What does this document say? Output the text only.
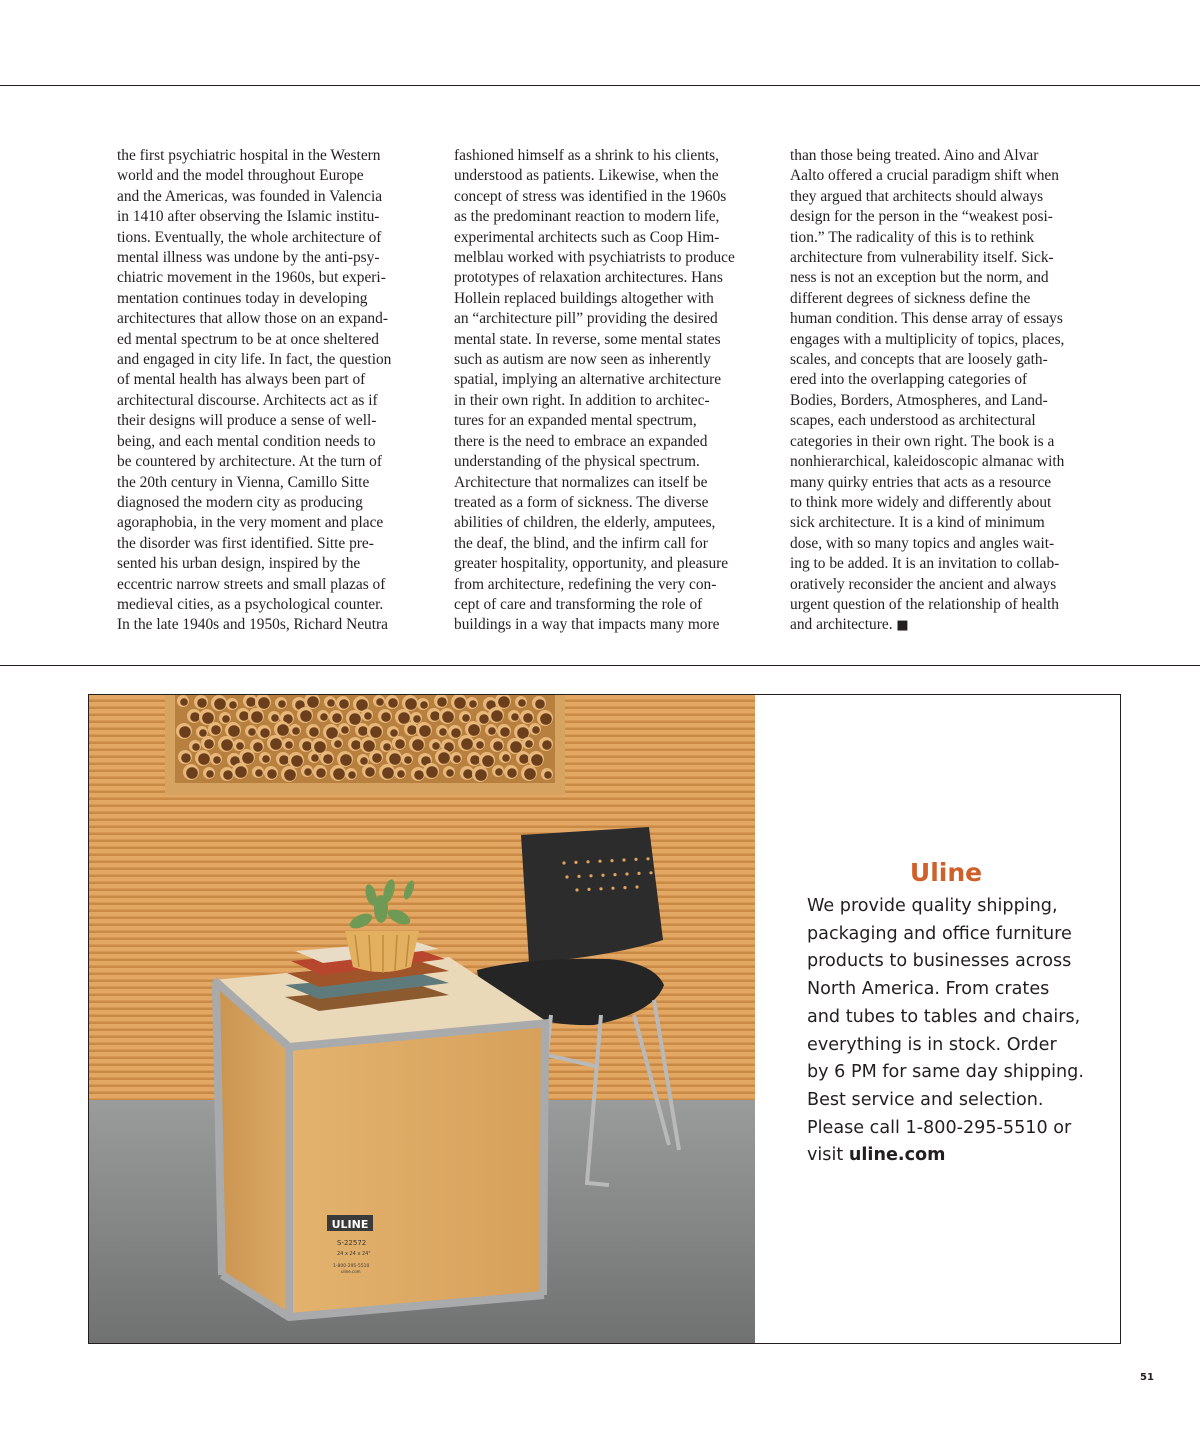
the first psychiatric hospital in the Western
world and the model throughout Europe
and the Americas, was founded in Valencia
in 1410 after observing the Islamic institu-
tions. Eventually, the whole architecture of
mental illness was undone by the anti-psy-
chiatric movement in the 1960s, but experi-
mentation continues today in developing
architectures that allow those on an expand-
ed mental spectrum to be at once sheltered
and engaged in city life. In fact, the question
of mental health has always been part of
architectural discourse. Architects act as if
their designs will produce a sense of well-
being, and each mental condition needs to
be countered by architecture. At the turn of
the 20th century in Vienna, Camillo Sitte
diagnosed the modern city as producing
agoraphobia, in the very moment and place
the disorder was first identified. Sitte pre-
sented his urban design, inspired by the
eccentric narrow streets and small plazas of
medieval cities, as a psychological counter.
In the late 1940s and 1950s, Richard Neutra
fashioned himself as a shrink to his clients,
understood as patients. Likewise, when the
concept of stress was identified in the 1960s
as the predominant reaction to modern life,
experimental architects such as Coop Him-
melblau worked with psychiatrists to produce
prototypes of relaxation architectures. Hans
Hollein replaced buildings altogether with
an “architecture pill” providing the desired
mental state. In reverse, some mental states
such as autism are now seen as inherently
spatial, implying an alternative architecture
in their own right. In addition to architec-
tures for an expanded mental spectrum,
there is the need to embrace an expanded
understanding of the physical spectrum.
Architecture that normalizes can itself be
treated as a form of sickness. The diverse
abilities of children, the elderly, amputees,
the deaf, the blind, and the infirm call for
greater hospitality, opportunity, and pleasure
from architecture, redefining the very con-
cept of care and transforming the role of
buildings in a way that impacts many more
than those being treated. Aino and Alvar
Aalto offered a crucial paradigm shift when
they argued that architects should always
design for the person in the “weakest posi-
tion.” The radicality of this is to rethink
architecture from vulnerability itself. Sick-
ness is not an exception but the norm, and
different degrees of sickness define the
human condition. This dense array of essays
engages with a multiplicity of topics, places,
scales, and concepts that are loosely gath-
ered into the overlapping categories of
Bodies, Borders, Atmospheres, and Land-
scapes, each understood as architectural
categories in their own right. The book is a
nonhierarchical, kaleidoscopic almanac with
many quirky entries that acts as a resource
to think more widely and differently about
sick architecture. It is a kind of minimum
dose, with so many topics and angles wait-
ing to be added. It is an invitation to collab-
oratively reconsider the ancient and always
urgent question of the relationship of health
and architecture. ■
ULINE
S-22572
24 x 24 x 24"
1-800-295-5510
uline.com
Uline
We provide quality shipping,
packaging and office furniture
products to businesses across
North America. From crates
and tubes to tables and chairs,
everything is in stock. Order
by 6 PM for same day shipping.
Best service and selection.
Please call 1-800-295-5510 or
visit uline.com
51
